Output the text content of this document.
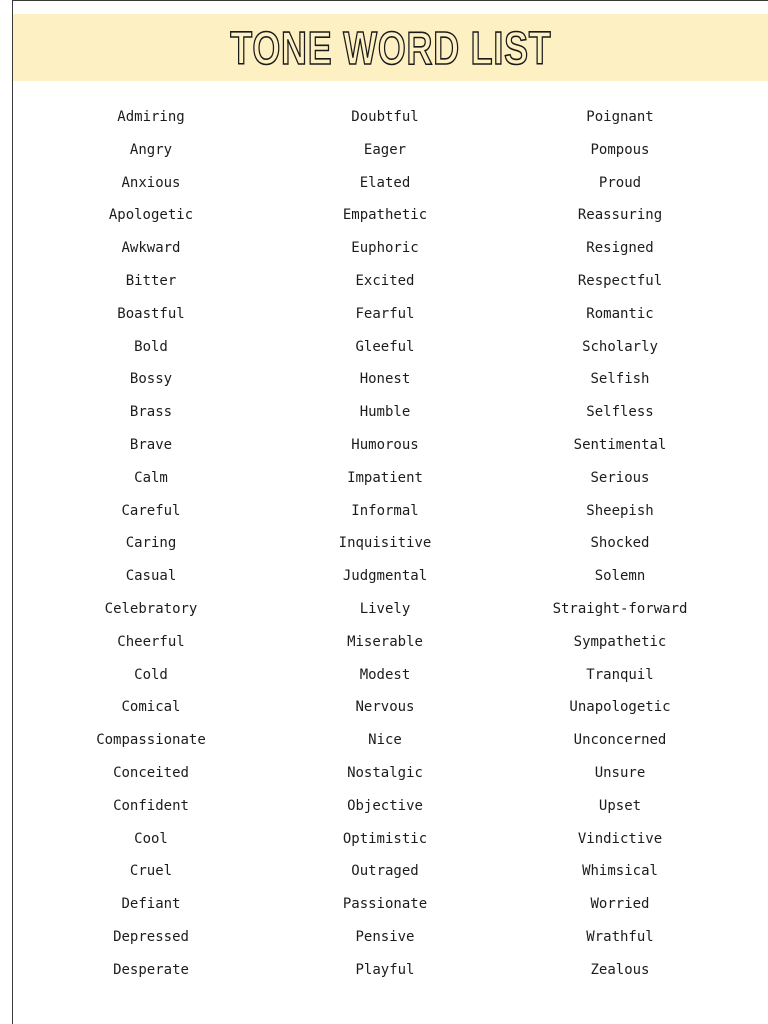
TONE WORD LIST
Admiring
Angry
Anxious
Apologetic
Awkward
Bitter
Boastful
Bold
Bossy
Brass
Brave
Calm
Careful
Caring
Casual
Celebratory
Cheerful
Cold
Comical
Compassionate
Conceited
Confident
Cool
Cruel
Defiant
Depressed
Desperate
Doubtful
Eager
Elated
Empathetic
Euphoric
Excited
Fearful
Gleeful
Honest
Humble
Humorous
Impatient
Informal
Inquisitive
Judgmental
Lively
Miserable
Modest
Nervous
Nice
Nostalgic
Objective
Optimistic
Outraged
Passionate
Pensive
Playful
Poignant
Pompous
Proud
Reassuring
Resigned
Respectful
Romantic
Scholarly
Selfish
Selfless
Sentimental
Serious
Sheepish
Shocked
Solemn
Straight-forward
Sympathetic
Tranquil
Unapologetic
Unconcerned
Unsure
Upset
Vindictive
Whimsical
Worried
Wrathful
Zealous
